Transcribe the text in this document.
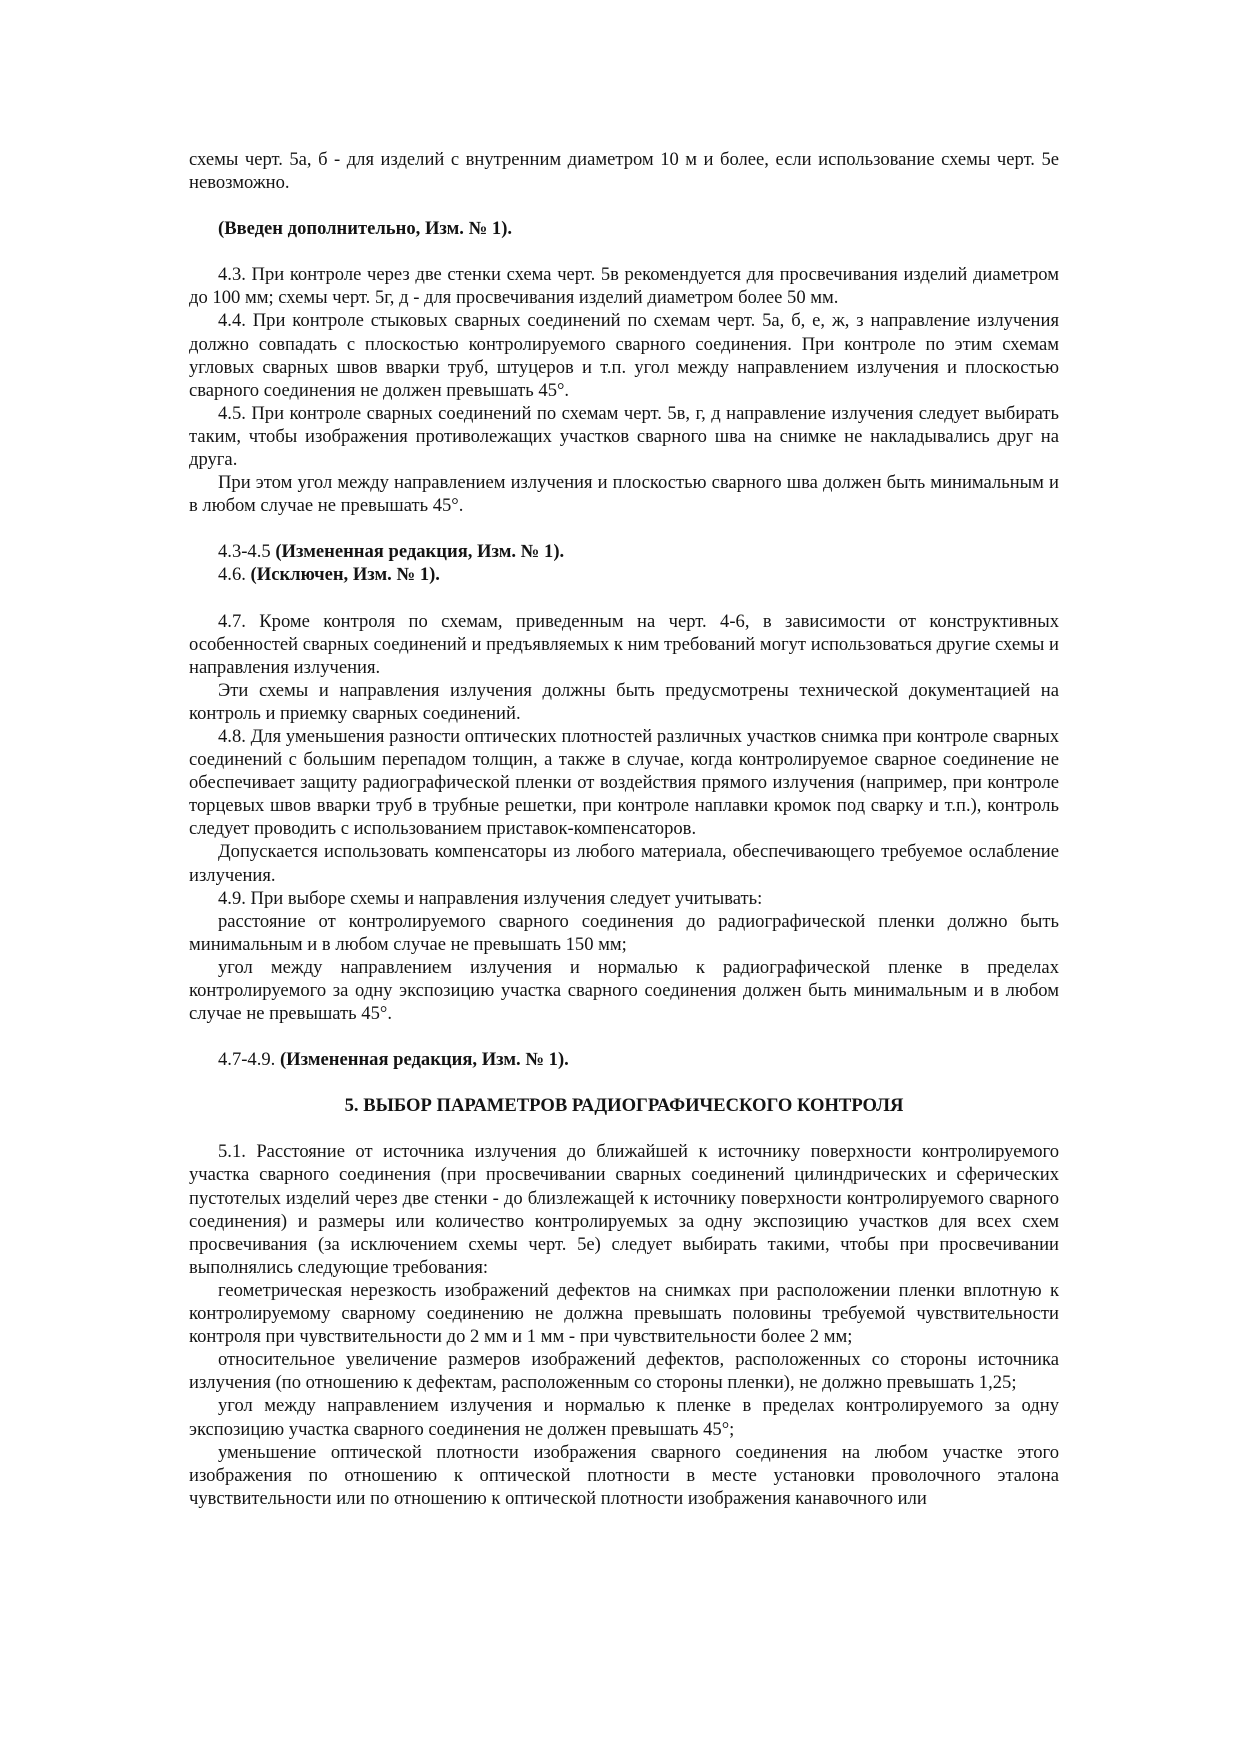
схемы черт. 5а, б - для изделий с внутренним диаметром 10 м и более, если использование схемы черт. 5е невозможно.

(Введен дополнительно, Изм. № 1).

4.3. При контроле через две стенки схема черт. 5в рекомендуется для просвечивания изделий диаметром до 100 мм; схемы черт. 5г, д - для просвечивания изделий диаметром более 50 мм.

4.4. При контроле стыковых сварных соединений по схемам черт. 5а, б, е, ж, з направление излучения должно совпадать с плоскостью контролируемого сварного соединения. При контроле по этим схемам угловых сварных швов вварки труб, штуцеров и т.п. угол между направлением излучения и плоскостью сварного соединения не должен превышать 45°.

4.5. При контроле сварных соединений по схемам черт. 5в, г, д направление излучения следует выбирать таким, чтобы изображения противолежащих участков сварного шва на снимке не накладывались друг на друга.

При этом угол между направлением излучения и плоскостью сварного шва должен быть минимальным и в любом случае не превышать 45°.

4.3-4.5 (Измененная редакция, Изм. № 1).

4.6. (Исключен, Изм. № 1).

4.7. Кроме контроля по схемам, приведенным на черт. 4-6, в зависимости от конструктивных особенностей сварных соединений и предъявляемых к ним требований могут использоваться другие схемы и направления излучения.

Эти схемы и направления излучения должны быть предусмотрены технической документацией на контроль и приемку сварных соединений.

4.8. Для уменьшения разности оптических плотностей различных участков снимка при контроле сварных соединений с большим перепадом толщин, а также в случае, когда контролируемое сварное соединение не обеспечивает защиту радиографической пленки от воздействия прямого излучения (например, при контроле торцевых швов вварки труб в трубные решетки, при контроле наплавки кромок под сварку и т.п.), контроль следует проводить с использованием приставок-компенсаторов.

Допускается использовать компенсаторы из любого материала, обеспечивающего требуемое ослабление излучения.

4.9. При выборе схемы и направления излучения следует учитывать:

расстояние от контролируемого сварного соединения до радиографической пленки должно быть минимальным и в любом случае не превышать 150 мм;

угол между направлением излучения и нормалью к радиографической пленке в пределах контролируемого за одну экспозицию участка сварного соединения должен быть минимальным и в любом случае не превышать 45°.

4.7-4.9. (Измененная редакция, Изм. № 1).

5. ВЫБОР ПАРАМЕТРОВ РАДИОГРАФИЧЕСКОГО КОНТРОЛЯ

5.1. Расстояние от источника излучения до ближайшей к источнику поверхности контролируемого участка сварного соединения (при просвечивании сварных соединений цилиндрических и сферических пустотелых изделий через две стенки - до близлежащей к источнику поверхности контролируемого сварного соединения) и размеры или количество контролируемых за одну экспозицию участков для всех схем просвечивания (за исключением схемы черт. 5е) следует выбирать такими, чтобы при просвечивании выполнялись следующие требования:

геометрическая нерезкость изображений дефектов на снимках при расположении пленки вплотную к контролируемому сварному соединению не должна превышать половины требуемой чувствительности контроля при чувствительности до 2 мм и 1 мм - при чувствительности более 2 мм;

относительное увеличение размеров изображений дефектов, расположенных со стороны источника излучения (по отношению к дефектам, расположенным со стороны пленки), не должно превышать 1,25;

угол между направлением излучения и нормалью к пленке в пределах контролируемого за одну экспозицию участка сварного соединения не должен превышать 45°;

уменьшение оптической плотности изображения сварного соединения на любом участке этого изображения по отношению к оптической плотности в месте установки проволочного эталона чувствительности или по отношению к оптической плотности изображения канавочного или
